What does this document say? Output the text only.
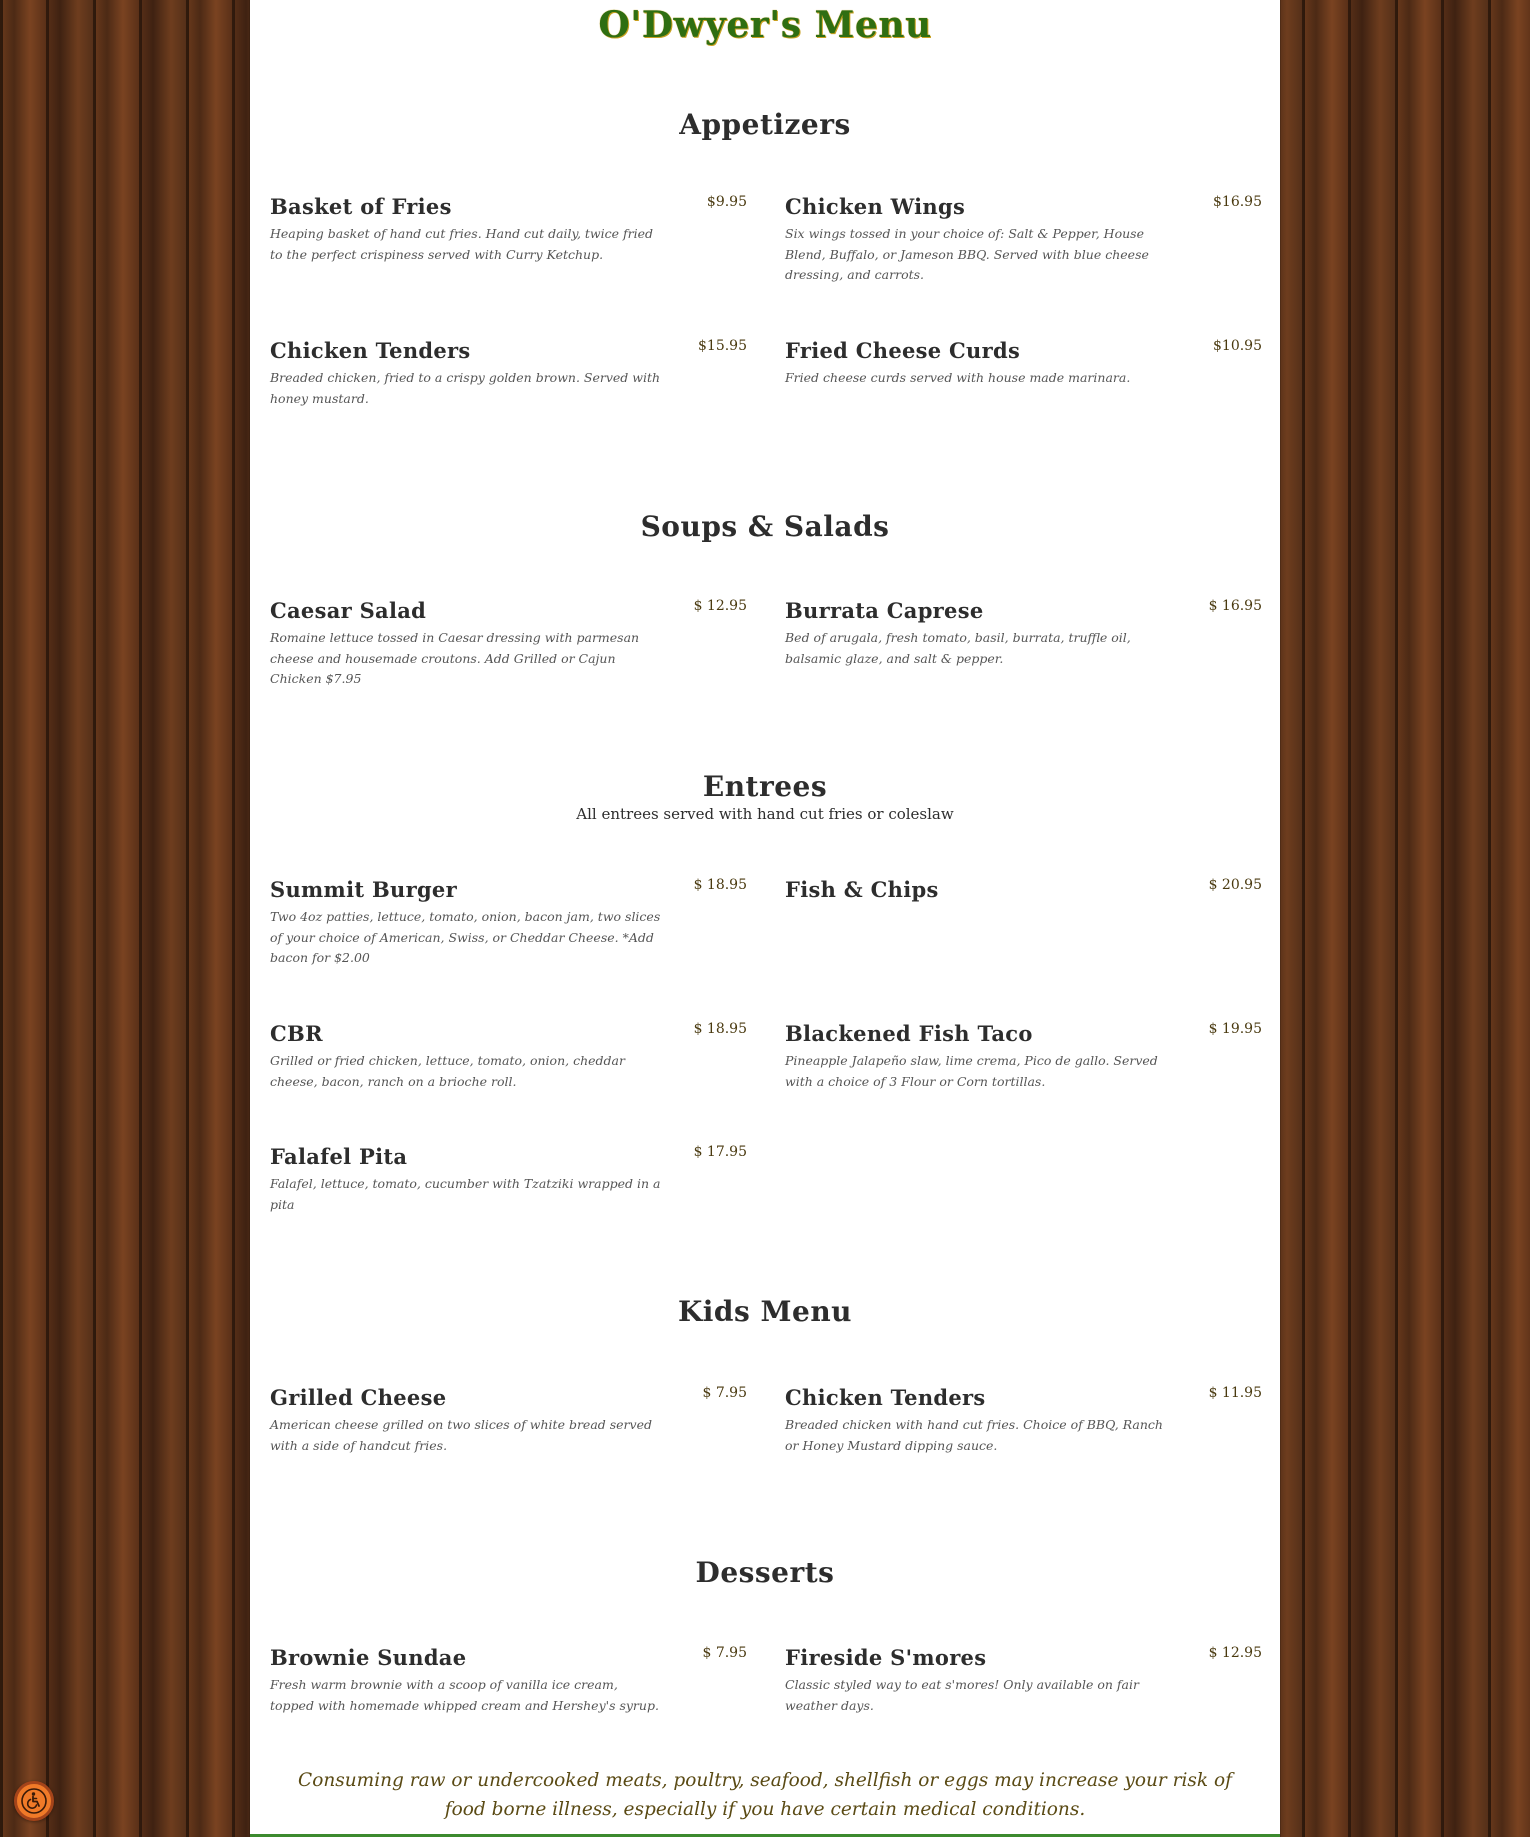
O'Dwyer's Menu
Appetizers
Basket of Fries	$9.95
Heaping basket of hand cut fries. Hand cut daily, twice fried to the perfect crispiness served with Curry Ketchup.
Chicken Wings	$16.95
Six wings tossed in your choice of: Salt & Pepper, House Blend, Buffalo, or Jameson BBQ. Served with blue cheese dressing, and carrots.
Chicken Tenders	$15.95
Breaded chicken, fried to a crispy golden brown. Served with honey mustard.
Fried Cheese Curds	$10.95
Fried cheese curds served with house made marinara.
Soups & Salads
Caesar Salad	$ 12.95
Romaine lettuce tossed in Caesar dressing with parmesan cheese and housemade croutons. Add Grilled or Cajun Chicken $7.95
Burrata Caprese	$ 16.95
Bed of arugala, fresh tomato, basil, burrata, truffle oil, balsamic glaze, and salt & pepper.
Entrees
All entrees served with hand cut fries or coleslaw
Summit Burger	$ 18.95
Two 4oz patties, lettuce, tomato, onion, bacon jam, two slices of your choice of American, Swiss, or Cheddar Cheese. *Add bacon for $2.00
Fish & Chips	$ 20.95
CBR	$ 18.95
Grilled or fried chicken, lettuce, tomato, onion, cheddar cheese, bacon, ranch on a brioche roll.
Blackened Fish Taco	$ 19.95
Pineapple Jalapeño slaw, lime crema, Pico de gallo. Served with a choice of 3 Flour or Corn tortillas.
Falafel Pita	$ 17.95
Falafel, lettuce, tomato, cucumber with Tzatziki wrapped in a pita
Kids Menu
Grilled Cheese	$ 7.95
American cheese grilled on two slices of white bread served with a side of handcut fries.
Chicken Tenders	$ 11.95
Breaded chicken with hand cut fries. Choice of BBQ, Ranch or Honey Mustard dipping sauce.
Desserts
Brownie Sundae	$ 7.95
Fresh warm brownie with a scoop of vanilla ice cream, topped with homemade whipped cream and Hershey's syrup.
Fireside S'mores	$ 12.95
Classic styled way to eat s'mores! Only available on fair weather days.
Consuming raw or undercooked meats, poultry, seafood, shellfish or eggs may increase your risk of food borne illness, especially if you have certain medical conditions.
